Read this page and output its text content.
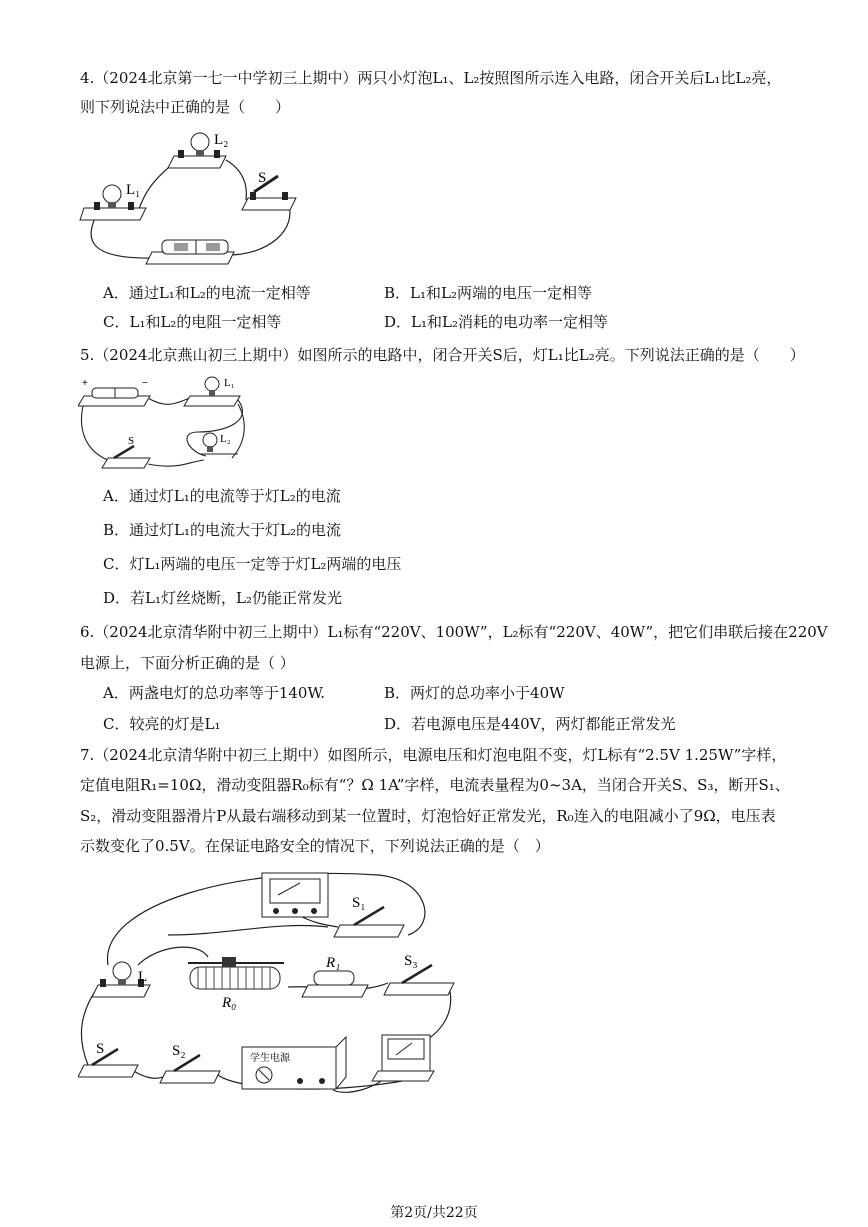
4.（2024北京第一七一中学初三上期中）两只小灯泡L₁、L₂按照图所示连入电路，闭合开关后L₁比L₂亮，
则下列说法中正确的是（　　）
L₁
L₂
S
A．通过L₁和L₂的电流一定相等	B．L₁和L₂两端的电压一定相等
C．L₁和L₂的电阻一定相等	D．L₁和L₂消耗的电功率一定相等
5.（2024北京燕山初三上期中）如图所示的电路中，闭合开关S后，灯L₁比L₂亮。下列说法正确的是（　　）
+	−	L₁
L₂
S
A．通过灯L₁的电流等于灯L₂的电流
B．通过灯L₁的电流大于灯L₂的电流
C．灯L₁两端的电压一定等于灯L₂两端的电压
D．若L₁灯丝烧断，L₂仍能正常发光
6.（2024北京清华附中初三上期中）L₁标有“220V、100W”，L₂标有“220V、40W”，把它们串联后接在220V
电源上，下面分析正确的是（ ）
A．两盏电灯的总功率等于140W.	B．两灯的总功率小于40W
C．较亮的灯是L₁	D．若电源电压是440V，两灯都能正常发光
7.（2024北京清华附中初三上期中）如图所示，电源电压和灯泡电阻不变，灯L标有“2.5V 1.25W”字样，
定值电阻R₁=10Ω，滑动变阻器R₀标有“？Ω 1A”字样，电流表量程为0~3A，当闭合开关S、S₃，断开S₁、
S₂，滑动变阻器滑片P从最右端移动到某一位置时，灯泡恰好正常发光，R₀连入的电阻减小了9Ω，电压表
示数变化了0.5V。在保证电路安全的情况下，下列说法正确的是（　）
S₁
L
R₀
R₁	S₃
S	S₂	学生电源
第2页/共22页
